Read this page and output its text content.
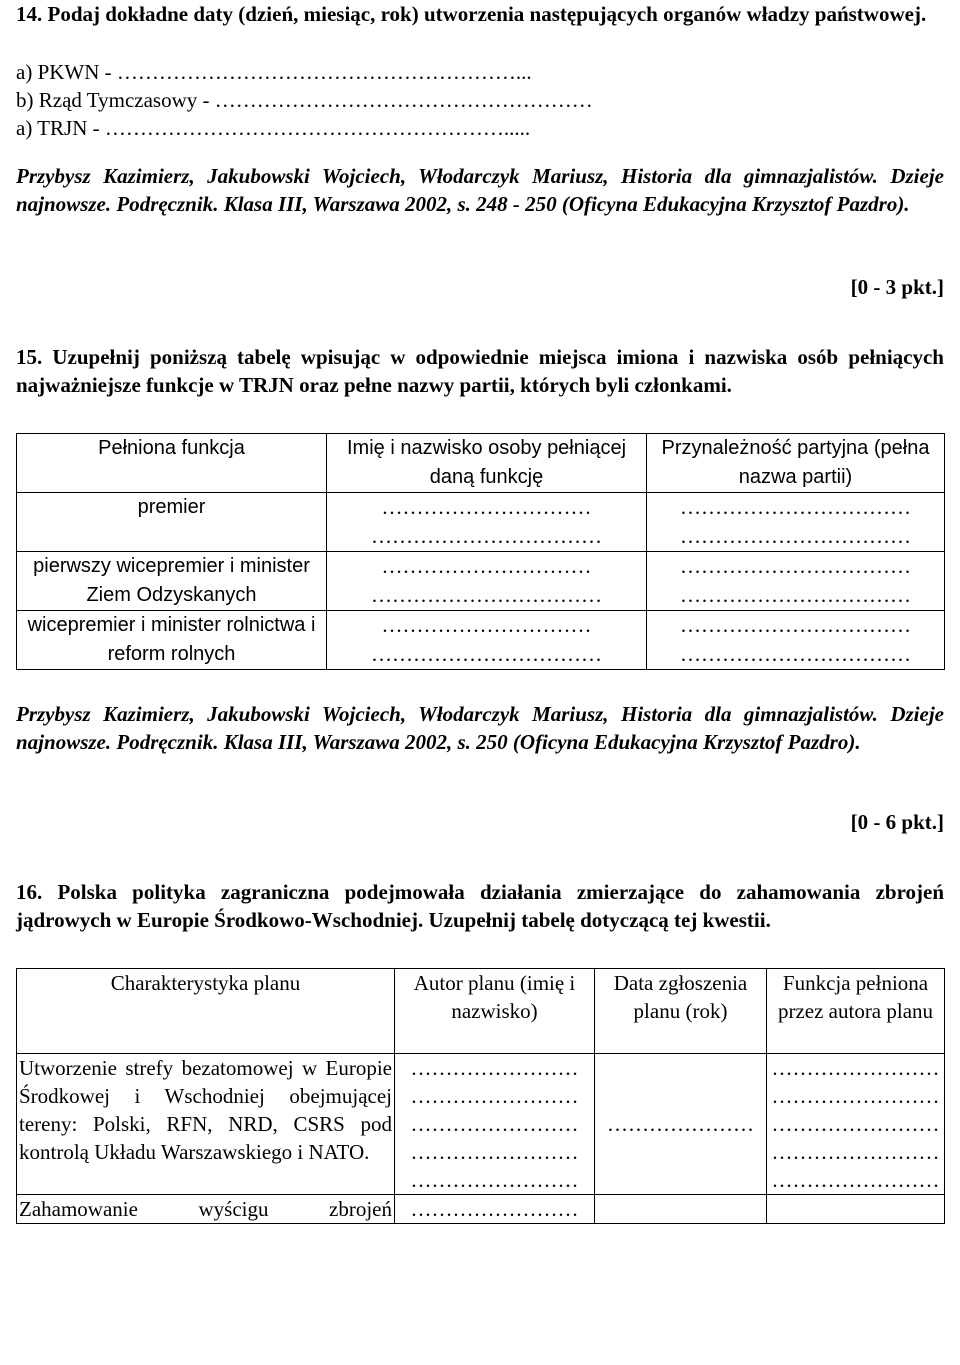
14. Podaj dokładne daty (dzień, miesiąc, rok) utworzenia następujących organów władzy państwowej.

a) PKWN - …………………………………………………...
b) Rząd Tymczasowy - ………………………………………………
a) TRJN - ………………………………………………….....

Przybysz Kazimierz, Jakubowski Wojciech, Włodarczyk Mariusz, Historia dla gimnazjalistów. Dzieje najnowsze. Podręcznik. Klasa III, Warszawa 2002, s. 248 - 250 (Oficyna Edukacyjna Krzysztof Pazdro).

[0 - 3 pkt.]

15. Uzupełnij poniższą tabelę wpisując w odpowiednie miejsca imiona i nazwiska osób pełniących najważniejsze funkcje w TRJN oraz pełne nazwy partii, których byli członkami.

Pełniona funkcja	Imię i nazwisko osoby pełniącej daną funkcję	Przynależność partyjna (pełna nazwa partii)
premier	…………………………
……………………………	……………………………
……………………………
pierwszy wicepremier i minister Ziem Odzyskanych	…………………………
……………………………	……………………………
……………………………
wicepremier i minister rolnictwa i reform rolnych	…………………………
……………………………	……………………………
……………………………

Przybysz Kazimierz, Jakubowski Wojciech, Włodarczyk Mariusz, Historia dla gimnazjalistów. Dzieje najnowsze. Podręcznik. Klasa III, Warszawa 2002, s. 250 (Oficyna Edukacyjna Krzysztof Pazdro).

[0 - 6 pkt.]

16. Polska polityka zagraniczna podejmowała działania zmierzające do zahamowania zbrojeń jądrowych w Europie Środkowo-Wschodniej. Uzupełnij tabelę dotyczącą tej kwestii.

Charakterystyka planu	Autor planu (imię i nazwisko)	Data zgłoszenia planu (rok)	Funkcja pełniona przez autora planu
Utworzenie strefy bezatomowej w Europie Środkowej i Wschodniej obejmującej tereny: Polski, RFN, NRD, CSRS pod kontrolą Układu Warszawskiego i NATO.	……………………
……………………
……………………
……………………
……………………	…………………	……………………
……………………
……………………
……………………
……………………
Zahamowanie wyścigu zbrojeń	……………………		
